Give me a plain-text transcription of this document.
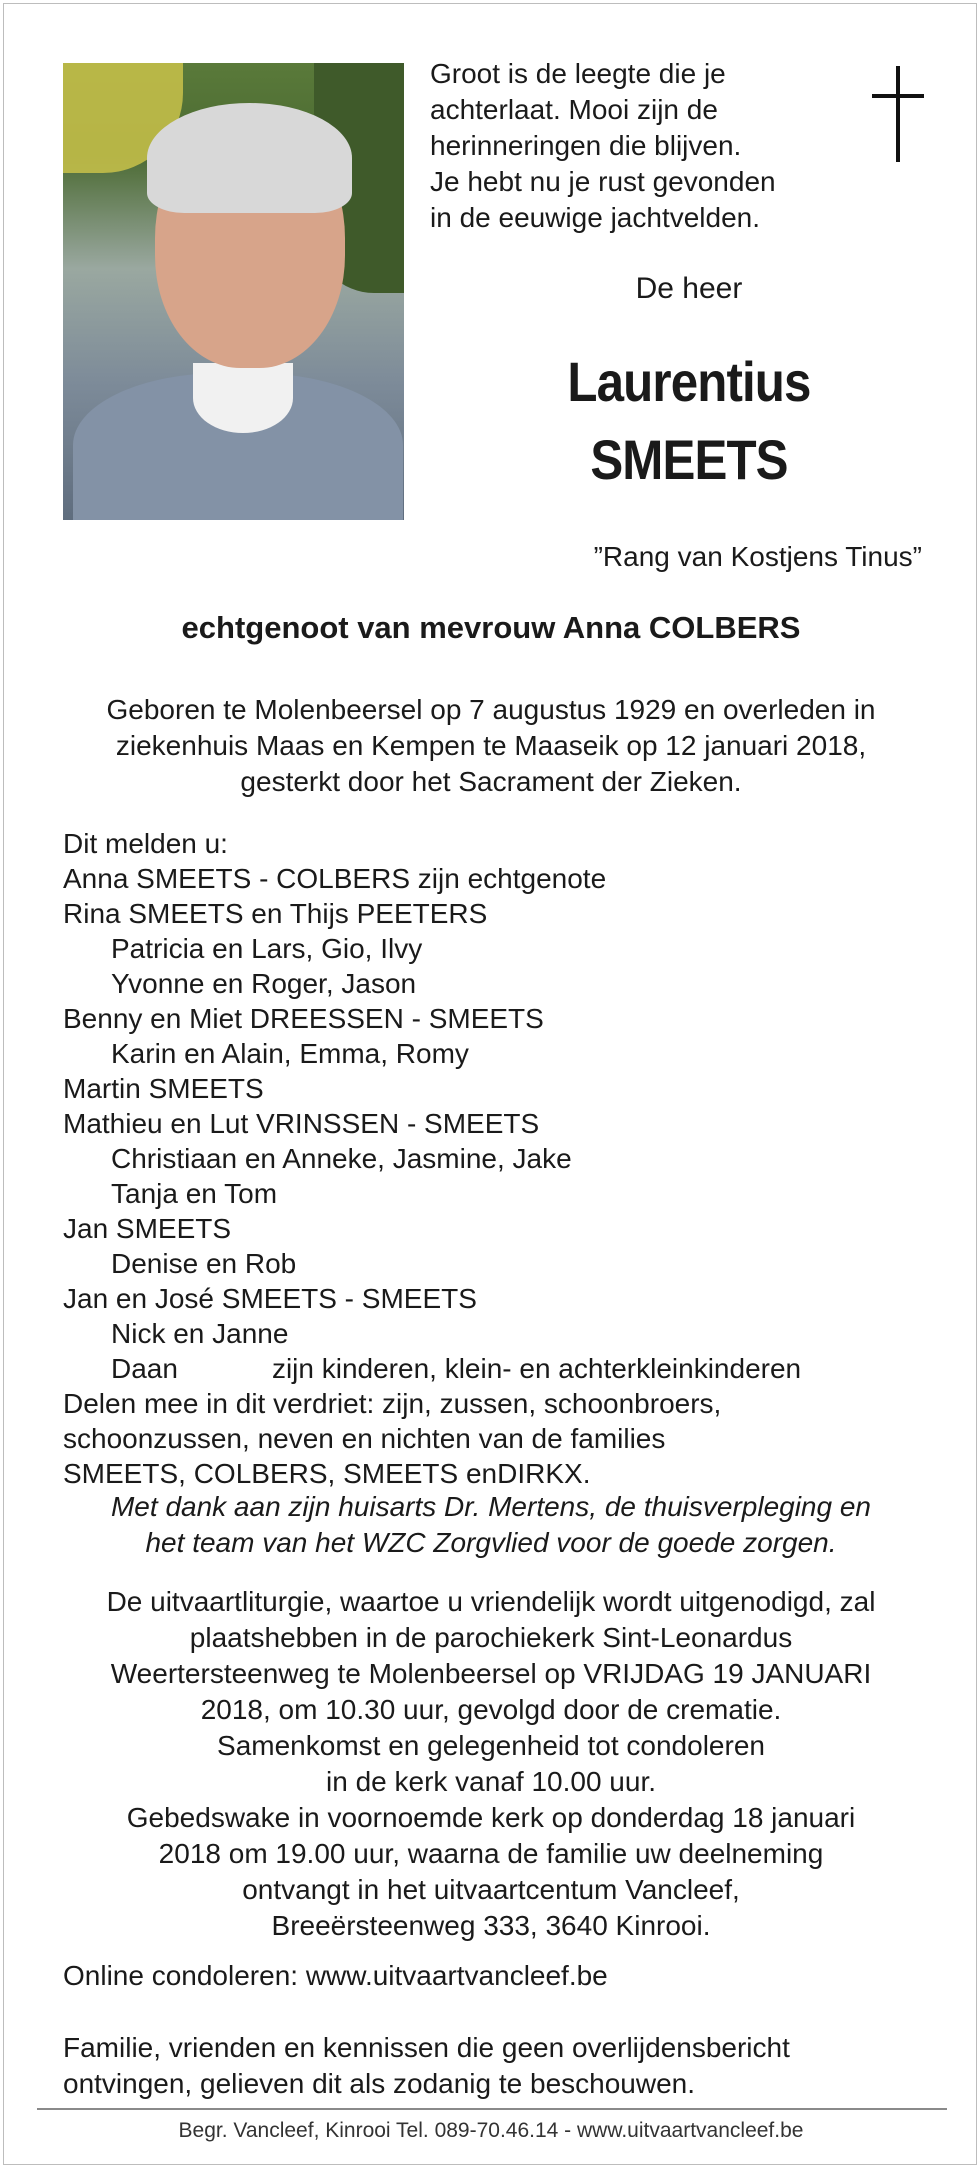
Groot is de leegte die je
achterlaat. Mooi zijn de
herinneringen die blijven.
Je hebt nu je rust gevonden
in de eeuwige jachtvelden.
De heer
Laurentius
SMEETS
”Rang van Kostjens Tinus”
echtgenoot van mevrouw Anna COLBERS
Geboren te Molenbeersel op 7 augustus 1929 en overleden in
ziekenhuis Maas en Kempen te Maaseik op 12 januari 2018,
gesterkt door het Sacrament der Zieken.
Dit melden u:
Anna SMEETS - COLBERS zijn echtgenote
Rina SMEETS en Thijs PEETERS
Patricia en Lars, Gio, Ilvy
Yvonne en Roger, Jason
Benny en Miet DREESSEN - SMEETS
Karin en Alain, Emma, Romy
Martin SMEETS
Mathieu en Lut VRINSSEN - SMEETS
Christiaan en Anneke, Jasmine, Jake
Tanja en Tom
Jan SMEETS
Denise en Rob
Jan en José SMEETS - SMEETS
Nick en Janne
Daan	zijn kinderen, klein- en achterkleinkinderen
Delen mee in dit verdriet: zijn, zussen, schoonbroers,
schoonzussen, neven en nichten van de families
SMEETS, COLBERS, SMEETS enDIRKX.
Met dank aan zijn huisarts Dr. Mertens, de thuisverpleging en
het team van het WZC Zorgvlied voor de goede zorgen.
De uitvaartliturgie, waartoe u vriendelijk wordt uitgenodigd, zal
plaatshebben in de parochiekerk Sint-Leonardus
Weertersteenweg te Molenbeersel op VRIJDAG 19 JANUARI
2018, om 10.30 uur, gevolgd door de crematie.
Samenkomst en gelegenheid tot condoleren
in de kerk vanaf 10.00 uur.
Gebedswake in voornoemde kerk op donderdag 18 januari
2018 om 19.00 uur, waarna de familie uw deelneming
ontvangt in het uitvaartcentum Vancleef,
Breeërsteenweg 333, 3640 Kinrooi.
Online condoleren: www.uitvaartvancleef.be
Familie, vrienden en kennissen die geen overlijdensbericht
ontvingen, gelieven dit als zodanig te beschouwen.
Begr. Vancleef, Kinrooi Tel. 089-70.46.14 - www.uitvaartvancleef.be
